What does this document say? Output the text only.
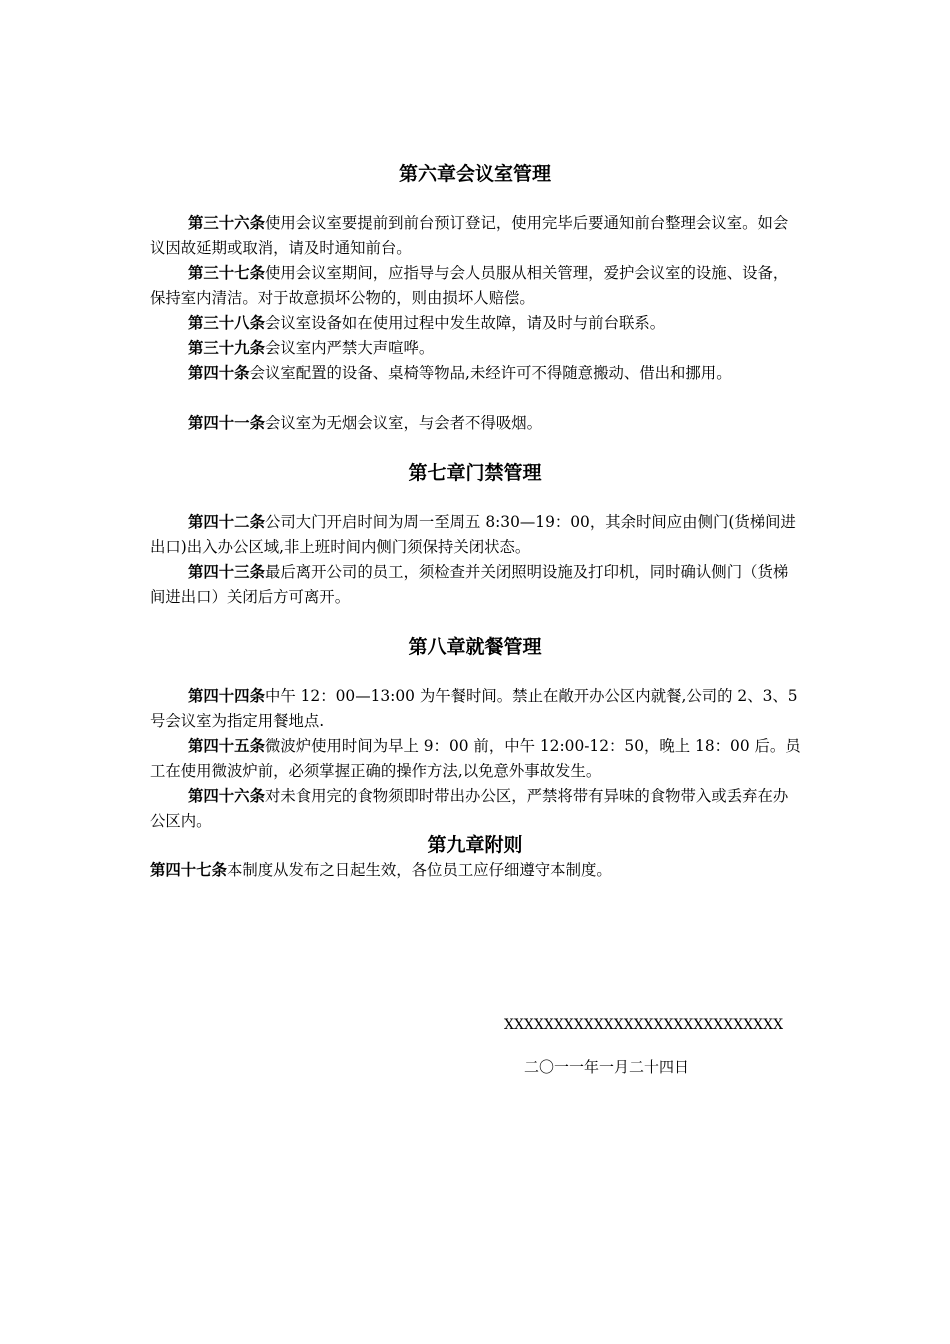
第六章会议室管理
第三十六条使用会议室要提前到前台预订登记，使用完毕后要通知前台整理会议室。如会议因故延期或取消，请及时通知前台。
第三十七条使用会议室期间，应指导与会人员服从相关管理，爱护会议室的设施、设备，保持室内清洁。对于故意损坏公物的，则由损坏人赔偿。
第三十八条会议室设备如在使用过程中发生故障，请及时与前台联系。
第三十九条会议室内严禁大声喧哗。
第四十条会议室配置的设备、桌椅等物品,未经许可不得随意搬动、借出和挪用。
第四十一条会议室为无烟会议室，与会者不得吸烟。
第七章门禁管理
第四十二条公司大门开启时间为周一至周五 8:30—19：00，其余时间应由侧门(货梯间进出口)出入办公区域,非上班时间内侧门须保持关闭状态。
第四十三条最后离开公司的员工，须检查并关闭照明设施及打印机，同时确认侧门（货梯间进出口）关闭后方可离开。
第八章就餐管理
第四十四条中午 12：00—13:00 为午餐时间。禁止在敞开办公区内就餐,公司的 2、3、5 号会议室为指定用餐地点.
第四十五条微波炉使用时间为早上 9：00 前，中午 12:00-12：50，晚上 18：00 后。员工在使用微波炉前，必须掌握正确的操作方法,以免意外事故发生。
第四十六条对未食用完的食物须即时带出办公区，严禁将带有异味的食物带入或丢弃在办公区内。
第九章附则
第四十七条本制度从发布之日起生效，各位员工应仔细遵守本制度。
XXXXXXXXXXXXXXXXXXXXXXXXXXXX
二〇一一年一月二十四日
